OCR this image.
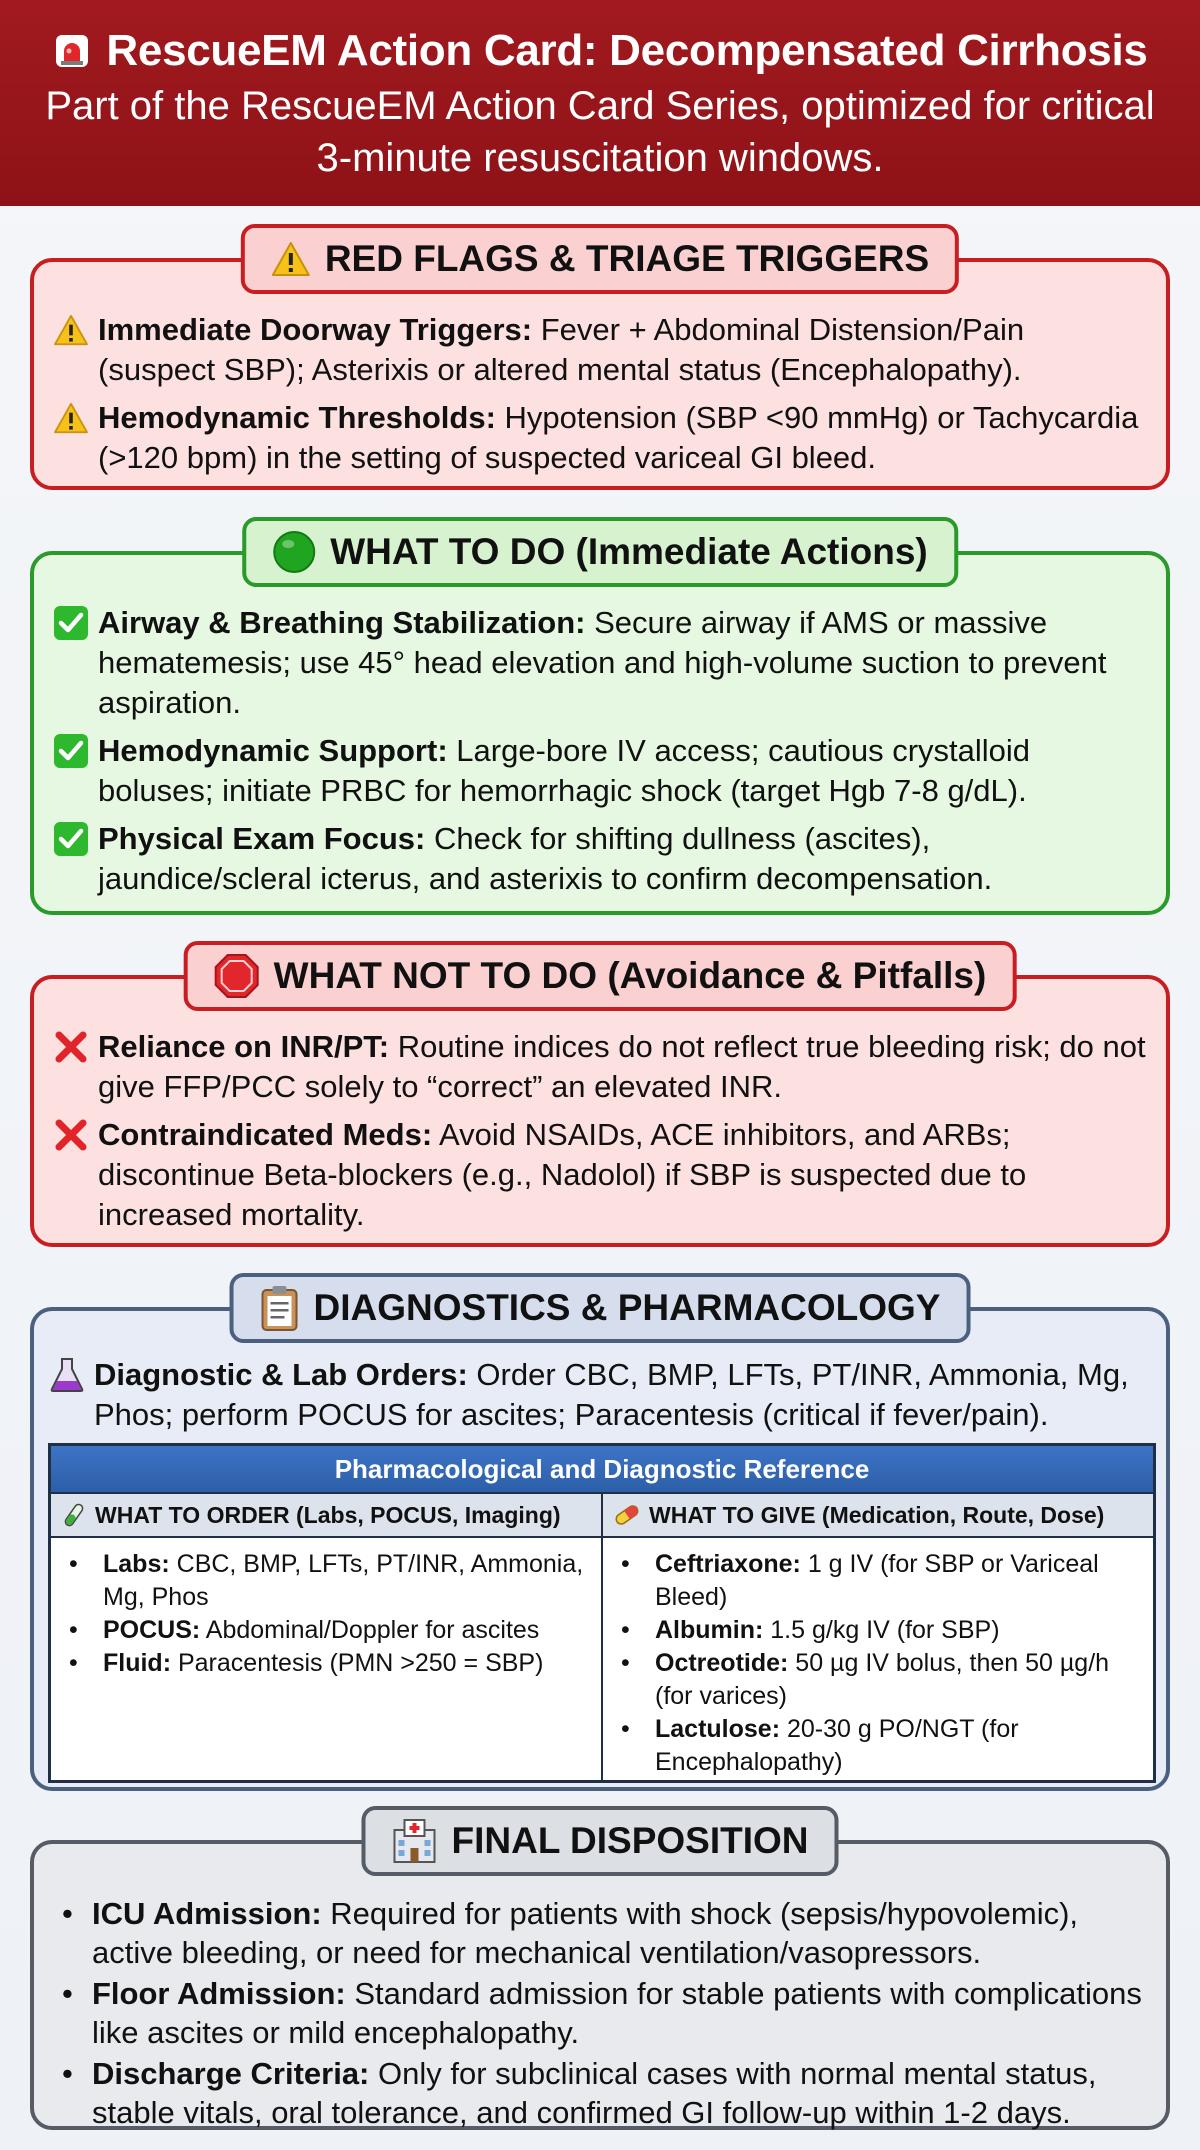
RescueEM Action Card: Decompensated Cirrhosis
Part of the RescueEM Action Card Series, optimized for critical 3-minute resuscitation windows.
RED FLAGS & TRIAGE TRIGGERS
Immediate Doorway Triggers: Fever + Abdominal Distension/Pain (suspect SBP); Asterixis or altered mental status (Encephalopathy).
Hemodynamic Thresholds: Hypotension (SBP <90 mmHg) or Tachycardia (>120 bpm) in the setting of suspected variceal GI bleed.
WHAT TO DO (Immediate Actions)
Airway & Breathing Stabilization: Secure airway if AMS or massive hematemesis; use 45° head elevation and high-volume suction to prevent aspiration.
Hemodynamic Support: Large-bore IV access; cautious crystalloid boluses; initiate PRBC for hemorrhagic shock (target Hgb 7-8 g/dL).
Physical Exam Focus: Check for shifting dullness (ascites), jaundice/scleral icterus, and asterixis to confirm decompensation.
WHAT NOT TO DO (Avoidance & Pitfalls)
Reliance on INR/PT: Routine indices do not reflect true bleeding risk; do not give FFP/PCC solely to “correct” an elevated INR.
Contraindicated Meds: Avoid NSAIDs, ACE inhibitors, and ARBs; discontinue Beta-blockers (e.g., Nadolol) if SBP is suspected due to increased mortality.
DIAGNOSTICS & PHARMACOLOGY
Diagnostic & Lab Orders: Order CBC, BMP, LFTs, PT/INR, Ammonia, Mg, Phos; perform POCUS for ascites; Paracentesis (critical if fever/pain).
Pharmacological and Diagnostic Reference
WHAT TO ORDER (Labs, POCUS, Imaging)	WHAT TO GIVE (Medication, Route, Dose)
• Labs: CBC, BMP, LFTs, PT/INR, Ammonia, Mg, Phos
• POCUS: Abdominal/Doppler for ascites
• Fluid: Paracentesis (PMN >250 = SBP)
• Ceftriaxone: 1 g IV (for SBP or Variceal Bleed)
• Albumin: 1.5 g/kg IV (for SBP)
• Octreotide: 50 µg IV bolus, then 50 µg/h (for varices)
• Lactulose: 20-30 g PO/NGT (for Encephalopathy)
FINAL DISPOSITION
• ICU Admission: Required for patients with shock (sepsis/hypovolemic), active bleeding, or need for mechanical ventilation/vasopressors.
• Floor Admission: Standard admission for stable patients with complications like ascites or mild encephalopathy.
• Discharge Criteria: Only for subclinical cases with normal mental status, stable vitals, oral tolerance, and confirmed GI follow-up within 1-2 days.
